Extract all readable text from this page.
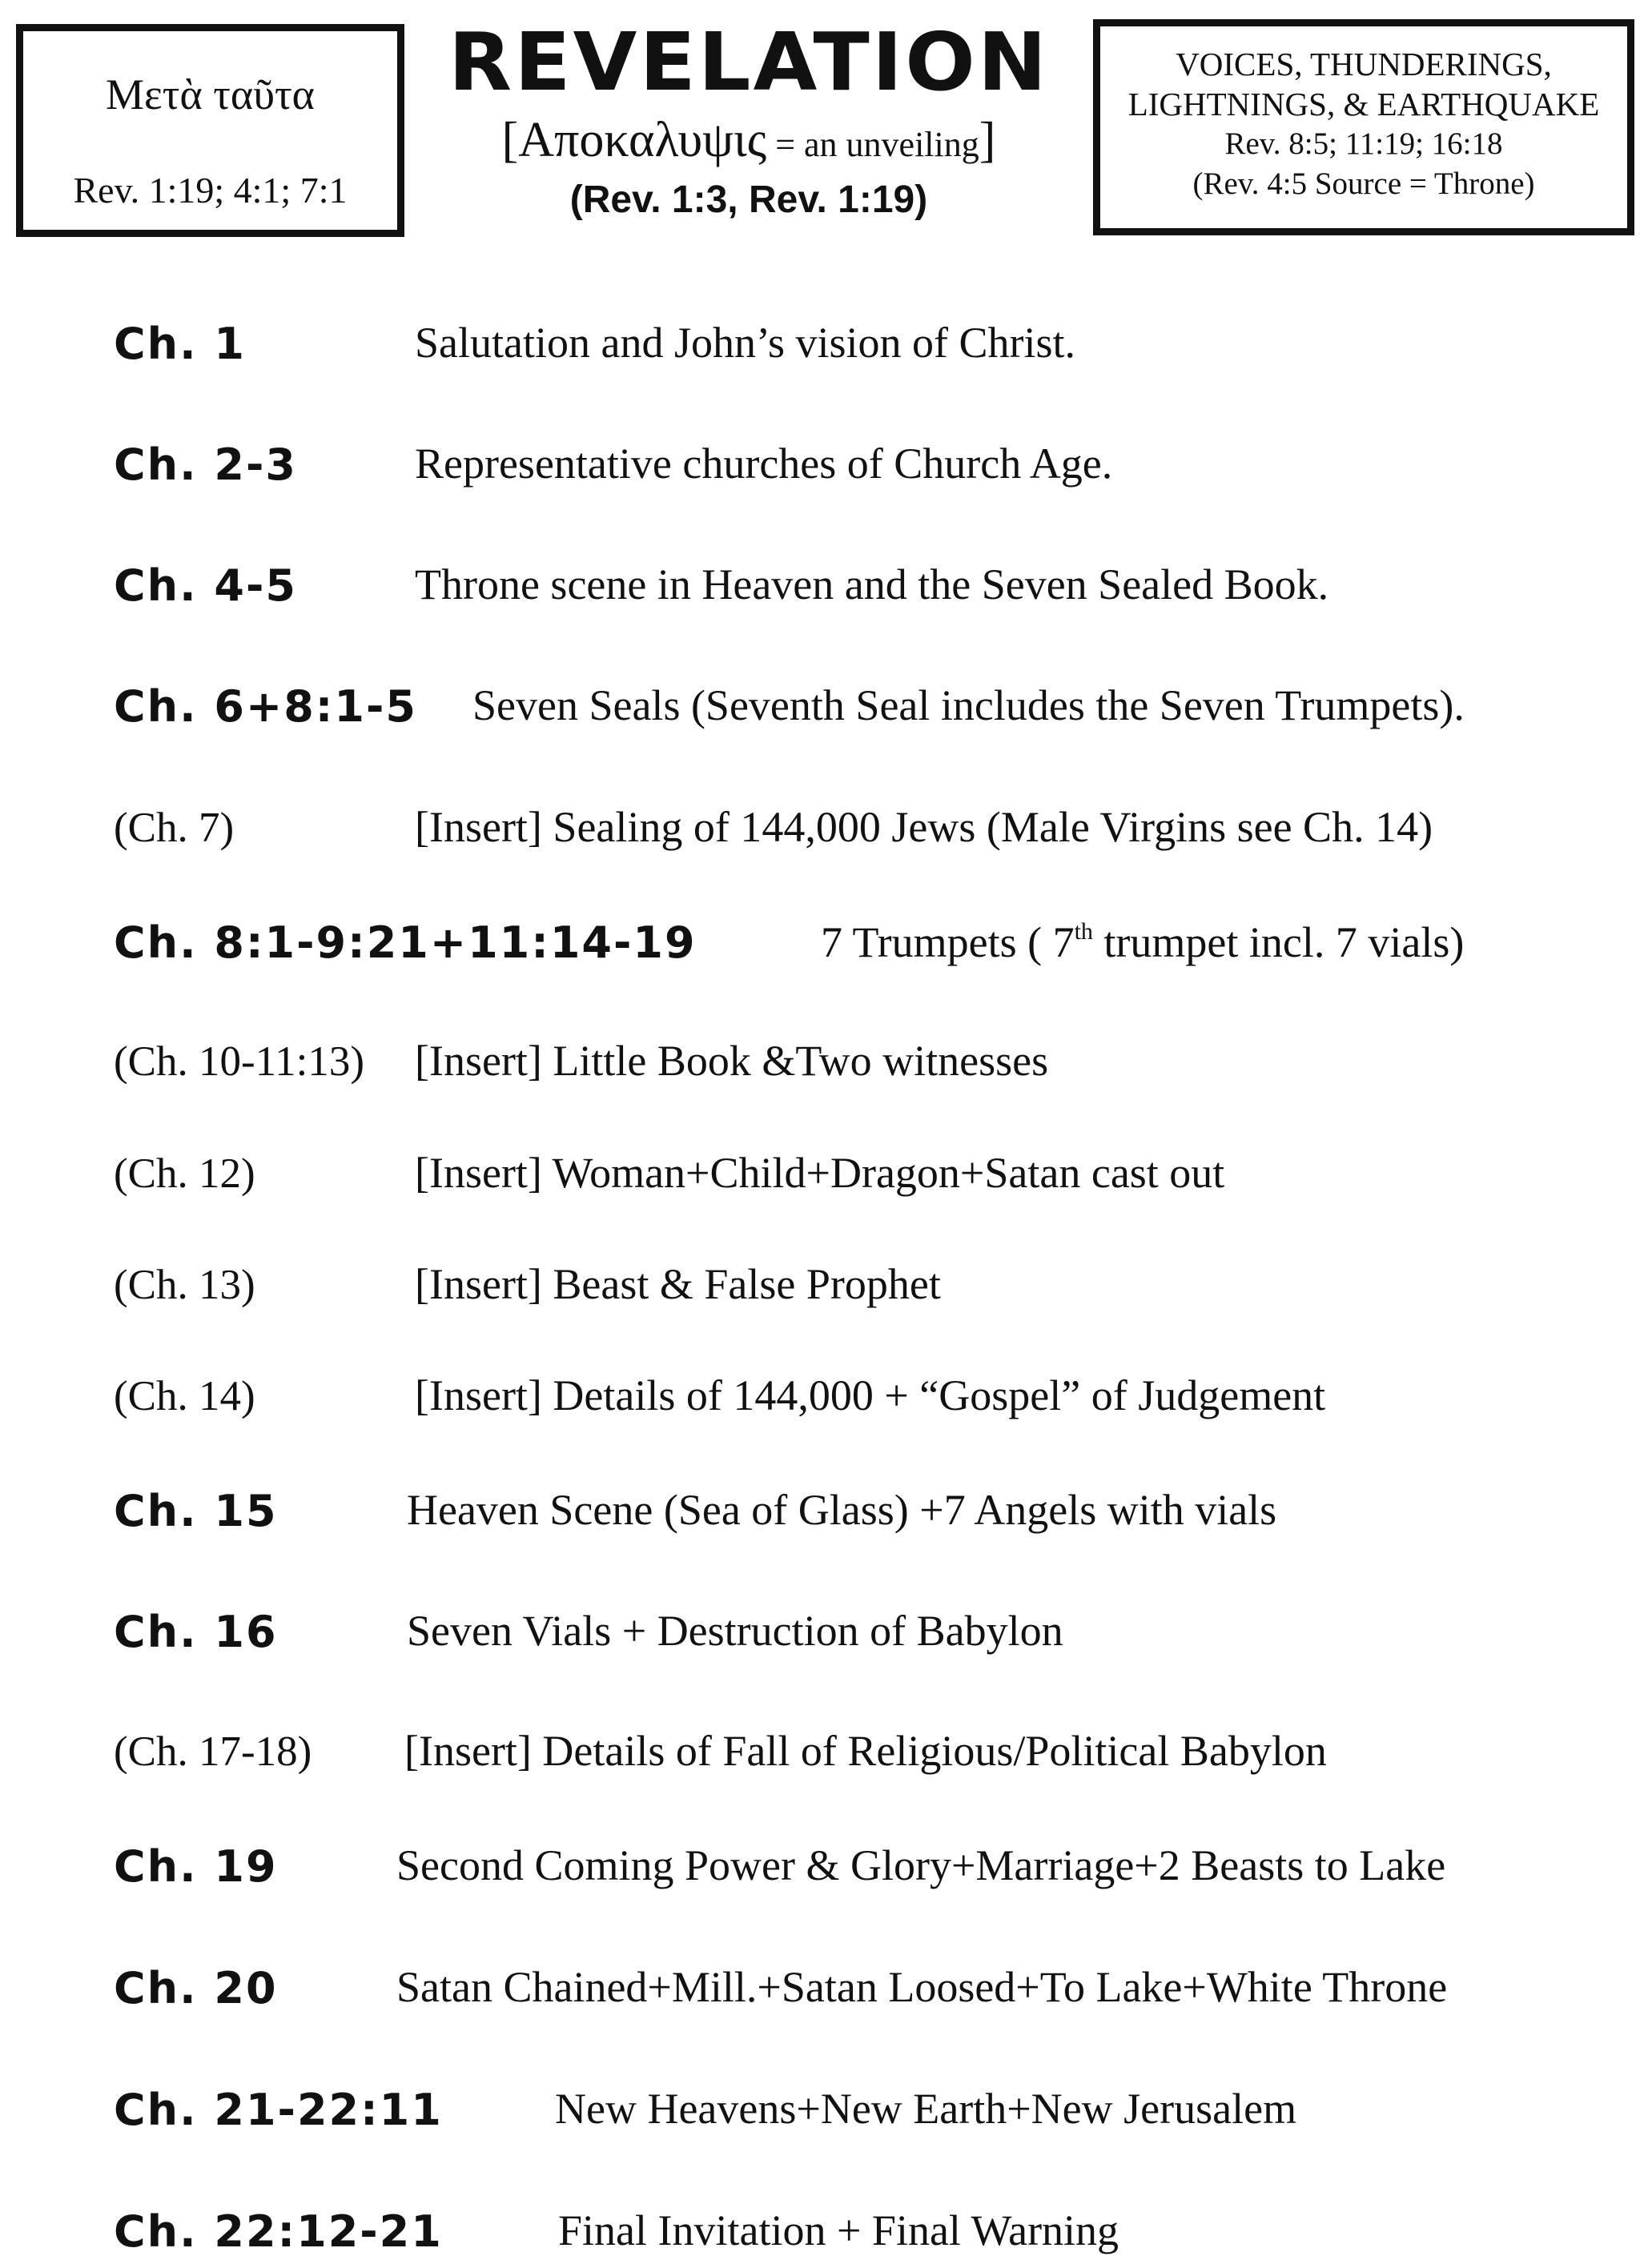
Μετὰ ταῦτα
Rev. 1:19; 4:1; 7:1
REVELATION
[Αποκαλυψις = an unveiling]
(Rev. 1:3, Rev. 1:19)
VOICES, THUNDERINGS,
LIGHTNINGS, & EARTHQUAKE
Rev. 8:5; 11:19; 16:18
(Rev. 4:5 Source = Throne)
Ch. 1	Salutation and John’s vision of Christ.
Ch. 2-3	Representative churches of Church Age.
Ch. 4-5	Throne scene in Heaven and the Seven Sealed Book.
Ch. 6+8:1-5 Seven Seals (Seventh Seal includes the Seven Trumpets).
(Ch. 7)	[Insert] Sealing of 144,000 Jews (Male Virgins see Ch. 14)
Ch. 8:1-9:21+11:14-19	7 Trumpets ( 7th trumpet incl. 7 vials)
(Ch. 10-11:13) [Insert] Little Book &Two witnesses
(Ch. 12)	[Insert] Woman+Child+Dragon+Satan cast out
(Ch. 13)	[Insert] Beast & False Prophet
(Ch. 14)	[Insert] Details of 144,000 + “Gospel” of Judgement
Ch. 15	Heaven Scene (Sea of Glass) +7 Angels with vials
Ch. 16	Seven Vials + Destruction of Babylon
(Ch. 17-18) [Insert] Details of Fall of Religious/Political Babylon
Ch. 19	Second Coming Power & Glory+Marriage+2 Beasts to Lake
Ch. 20	Satan Chained+Mill.+Satan Loosed+To Lake+White Throne
Ch. 21-22:11	New Heavens+New Earth+New Jerusalem
Ch. 22:12-21	Final Invitation + Final Warning
